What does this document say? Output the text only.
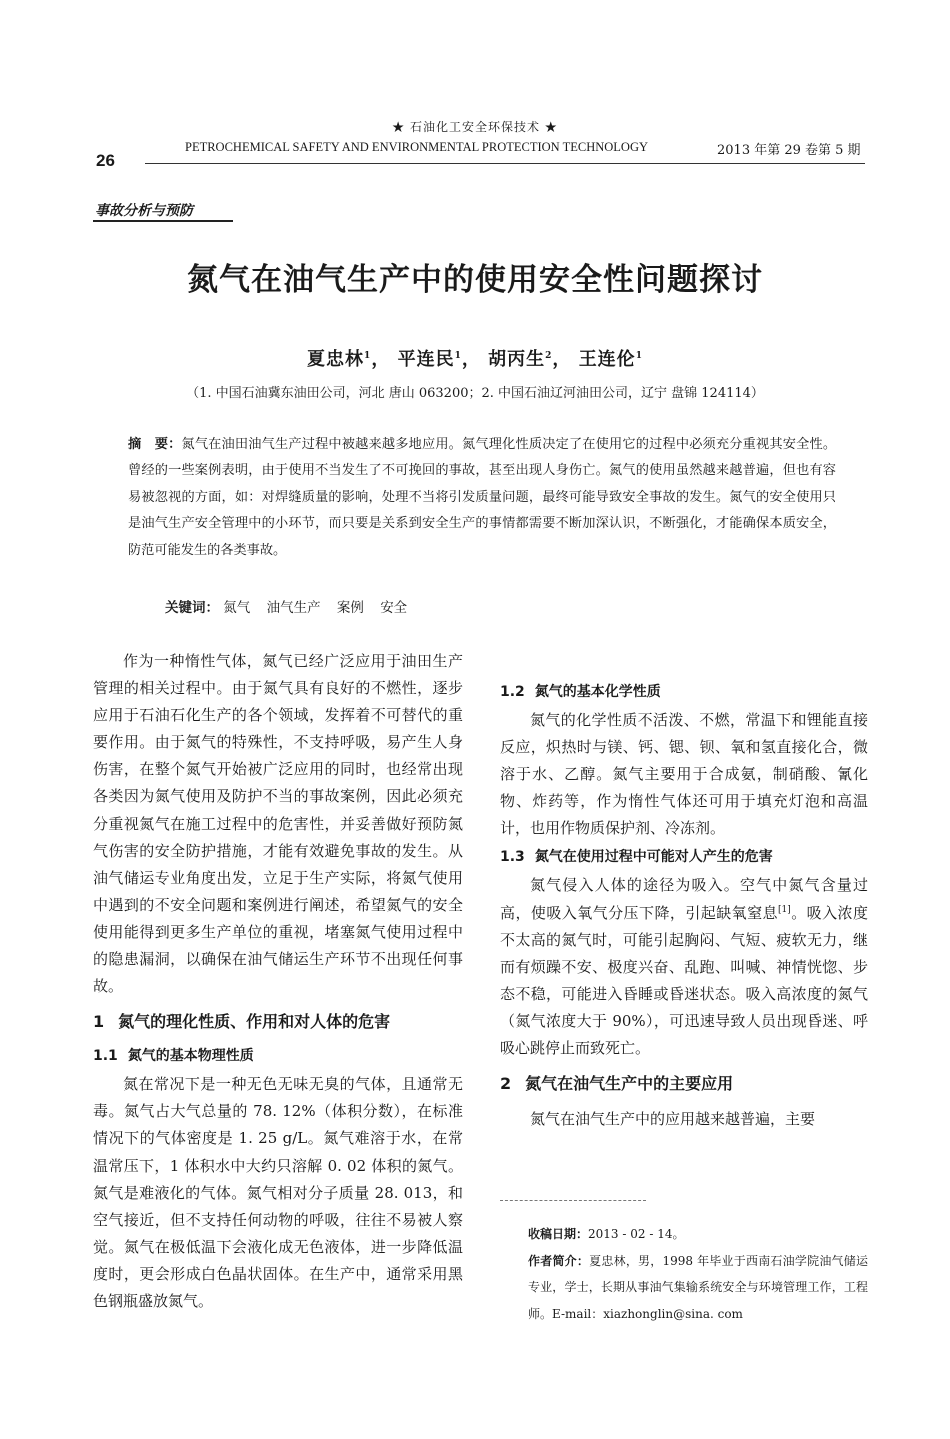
★ 石油化工安全环保技术 ★
PETROCHEMICAL SAFETY AND ENVIRONMENTAL PROTECTION TECHNOLOGY	2013 年第 29 卷第 5 期
26
事故分析与预防
氮气在油气生产中的使用安全性问题探讨
夏忠林$^1$， 平连民$^1$， 胡丙生$^2$， 王连伦$^1$
（1. 中国石油冀东油田公司，河北 唐山 063200；2. 中国石油辽河油田公司，辽宁 盘锦 124114）
摘　要：氮气在油田油气生产过程中被越来越多地应用。氮气理化性质决定了在使用它的过程中必须充分重视其安全性。曾经的一些案例表明，由于使用不当发生了不可挽回的事故，甚至出现人身伤亡。氮气的使用虽然越来越普遍，但也有容易被忽视的方面，如：对焊缝质量的影响，处理不当将引发质量问题，最终可能导致安全事故的发生。氮气的安全使用只是油气生产安全管理中的小环节，而只要是关系到安全生产的事情都需要不断加深认识，不断强化，才能确保本质安全，防范可能发生的各类事故。
关键词： 氮气 油气生产 案例 安全

作为一种惰性气体，氮气已经广泛应用于油田生产管理的相关过程中。由于氮气具有良好的不燃性，逐步应用于石油石化生产的各个领域，发挥着不可替代的重要作用。由于氮气的特殊性，不支持呼吸，易产生人身伤害，在整个氮气开始被广泛应用的同时，也经常出现各类因为氮气使用及防护不当的事故案例，因此必须充分重视氮气在施工过程中的危害性，并妥善做好预防氮气伤害的安全防护措施，才能有效避免事故的发生。从油气储运专业角度出发，立足于生产实际，将氮气使用中遇到的不安全问题和案例进行阐述，希望氮气的安全使用能得到更多生产单位的重视，堵塞氮气使用过程中的隐患漏洞，以确保在油气储运生产环节不出现任何事故。

1 氮气的理化性质、作用和对人体的危害

1.1 氮气的基本物理性质

氮在常况下是一种无色无味无臭的气体，且通常无毒。氮气占大气总量的 78. 12%（体积分数），在标准情况下的气体密度是 1. 25 g/L。氮气难溶于水，在常温常压下，1 体积水中大约只溶解 0. 02 体积的氮气。氮气是难液化的气体。氮气相对分子质量 28. 013，和空气接近，但不支持任何动物的呼吸，往往不易被人察觉。氮气在极低温下会液化成无色液体，进一步降低温度时，更会形成白色晶状固体。在生产中，通常采用黑色钢瓶盛放氮气。

1.2 氮气的基本化学性质

氮气的化学性质不活泼、不燃，常温下和锂能直接反应，炽热时与镁、钙、锶、钡、氧和氢直接化合，微溶于水、乙醇。氮气主要用于合成氨，制硝酸、氰化物、炸药等，作为惰性气体还可用于填充灯泡和高温计，也用作物质保护剂、冷冻剂。

1.3 氮气在使用过程中可能对人产生的危害

氮气侵入人体的途径为吸入。空气中氮气含量过高，使吸入氧气分压下降，引起缺氧窒息[1]。吸入浓度不太高的氮气时，可能引起胸闷、气短、疲软无力，继而有烦躁不安、极度兴奋、乱跑、叫喊、神情恍惚、步态不稳，可能进入昏睡或昏迷状态。吸入高浓度的氮气（氮气浓度大于 90%），可迅速导致人员出现昏迷、呼吸心跳停止而致死亡。

2 氮气在油气生产中的主要应用

氮气在油气生产中的应用越来越普遍，主要

收稿日期：2013 - 02 - 14。

作者简介：夏忠林，男，1998 年毕业于西南石油学院油气储运专业，学士，长期从事油气集输系统安全与环境管理工作，工程师。E-mail：xiazhonglin@sina. com
